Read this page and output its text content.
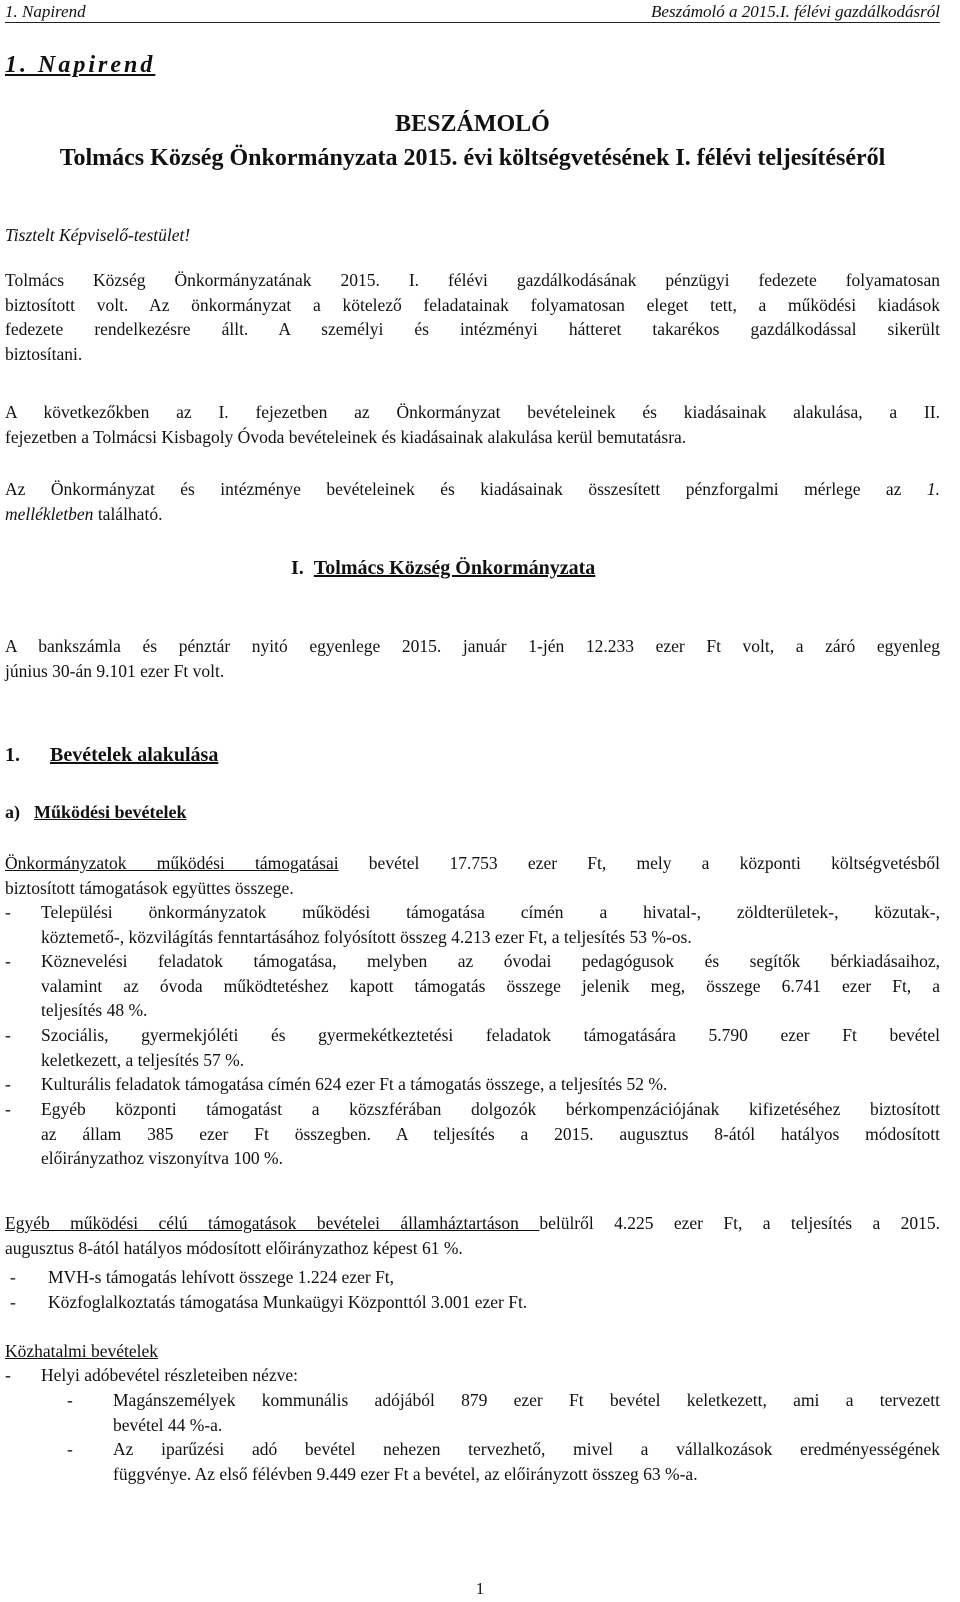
1. Napirend	Beszámoló a 2015.I. félévi gazdálkodásról
1. Napirend
BESZÁMOLÓ
Tolmács Község Önkormányzata 2015. évi költségvetésének I. félévi teljesítéséről
Tisztelt Képviselő-testület!
Tolmács Község Önkormányzatának 2015. I. félévi gazdálkodásának pénzügyi fedezete folyamatosan
biztosított volt. Az önkormányzat a kötelező feladatainak folyamatosan eleget tett, a működési kiadások
fedezete rendelkezésre állt. A személyi és intézményi hátteret takarékos gazdálkodással sikerült
biztosítani.
A következőkben az I. fejezetben az Önkormányzat bevételeinek és kiadásainak alakulása, a II.
fejezetben a Tolmácsi Kisbagoly Óvoda bevételeinek és kiadásainak alakulása kerül bemutatásra.
Az Önkormányzat és intézménye bevételeinek és kiadásainak összesített pénzforgalmi mérlege az 1.
mellékletben található.
I. Tolmács Község Önkormányzata
A bankszámla és pénztár nyitó egyenlege 2015. január 1-jén 12.233 ezer Ft volt, a záró egyenleg
június 30-án 9.101 ezer Ft volt.
1. Bevételek alakulása
a) Működési bevételek
Önkormányzatok működési támogatásai bevétel 17.753 ezer Ft, mely a központi költségvetésből
biztosított támogatások együttes összege.
- Települési önkormányzatok működési támogatása címén a hivatal-, zöldterületek-, közutak-,
köztemető-, közvilágítás fenntartásához folyósított összeg 4.213 ezer Ft, a teljesítés 53 %-os.
- Köznevelési feladatok támogatása, melyben az óvodai pedagógusok és segítők bérkiadásaihoz,
valamint az óvoda működtetéshez kapott támogatás összege jelenik meg, összege 6.741 ezer Ft, a
teljesítés 48 %.
- Szociális, gyermekjóléti és gyermekétkeztetési feladatok támogatására 5.790 ezer Ft bevétel
keletkezett, a teljesítés 57 %.
- Kulturális feladatok támogatása címén 624 ezer Ft a támogatás összege, a teljesítés 52 %.
- Egyéb központi támogatást a közszférában dolgozók bérkompenzációjának kifizetéséhez biztosított
az állam 385 ezer Ft összegben. A teljesítés a 2015. augusztus 8-ától hatályos módosított
előirányzathoz viszonyítva 100 %.
Egyéb működési célú támogatások bevételei államháztartáson belülről 4.225 ezer Ft, a teljesítés a 2015.
augusztus 8-ától hatályos módosított előirányzathoz képest 61 %.
- MVH-s támogatás lehívott összege 1.224 ezer Ft,
- Közfoglalkoztatás támogatása Munkaügyi Központtól 3.001 ezer Ft.
Közhatalmi bevételek
- Helyi adóbevétel részleteiben nézve:
- Magánszemélyek kommunális adójából 879 ezer Ft bevétel keletkezett, ami a tervezett
bevétel 44 %-a.
- Az iparűzési adó bevétel nehezen tervezhető, mivel a vállalkozások eredményességének
függvénye. Az első félévben 9.449 ezer Ft a bevétel, az előirányzott összeg 63 %-a.
1
